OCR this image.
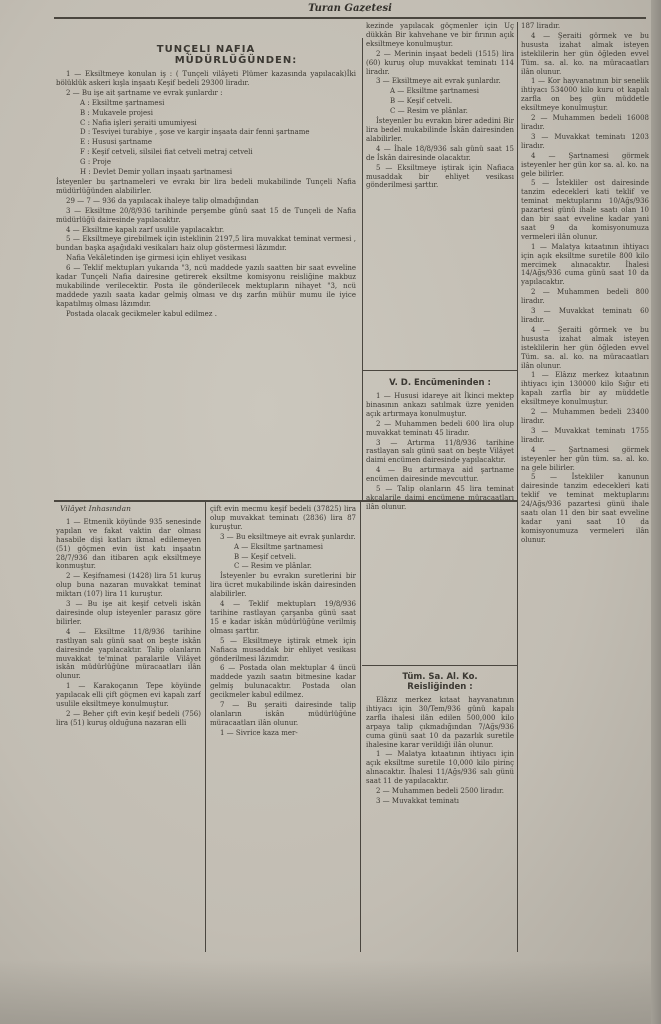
Turan Gazetesi
TUNÇELİ NAFIA
MÜDÜRLÜĞÜNDEN:

1 — Eksiltmeye konulan iş : ( Tunçeli vilâyeti Plümer kazasında yapılacak)İki bölüklük askeri kışla inşaatı Keşif bedeli 29300 liradır.

2 — Bu işe ait şartname ve evrak şunlardır :

A : Eksiltme şartnamesi

B : Mukavele projesi

C : Nafia işleri şeraiti umumiyesi

D : Tesviyei turabiye , şose ve kargir inşaata dair fenni şartname

E : Hususi şartname

F : Keşif cetveli, silsilei fiat cetveli metraj cetveli

G : Proje

H : Devlet Demir yolları inşaatı şartnamesi

İsteyenler bu şartnameleri ve evrakı bir lira bedeli mukabilinde Tunçeli Nafia müdürlüğünden alabilirler.

29 — 7 — 936 da yapılacak ihaleye talip olmadığından

3 — Eksiltme 20/8/936 tarihinde perşembe günü saat 15 de Tunçeli de Nafia müdürlüğü dairesinde yapılacaktır.

4 — Eksiltme kapalı zarf usulile yapılacaktır.

5 — Eksiltmeye girebilmek için isteklinin 2197,5 lira muvakkat teminat vermesi , bundan başka aşağıdaki vesikaları haiz olup göstermesi lâzımdır.

Nafia Vekâletinden işe girmesi için ehliyet vesikası

6 — Teklif mektupları yukarıda "3, ncü maddede yazılı saatten bir saat evveline kadar Tunçeli Nafia dairesine getirerek eksiltme komisyonu reisliğine makbuz mukabilinde verilecektir. Posta ile gönderilecek mektupların nihayet "3, ncü maddede yazılı saata kadar gelmiş olması ve dış zarfın mühür mumu ile iyice kapatılmış olması lâzımdır.

Postada olacak gecikmeler kabul edilmez .

kezinde yapılacak göçmenler için Üç dükkân Bir kahvehane ve bir fırının açık eksiltmeye konulmuştur.

2 — Merinin inşaat bedeli (1515) lira (60) kuruş olup muvakkat teminatı 114 liradır.

3 — Eksiltmeye ait evrak şunlardır.

A — Eksiltme şartnamesi

B — Keşif cetveli.

C — Resim ve plânlar.

İsteyenler bu evrakın birer adedini Bir lira bedel mukabilinde İskân dairesinden alabilirler.

4 — İhale 18/8/936 salı günü saat 15 de İskân dairesinde olacaktır.

5 — Eksiltmeye iştirak için Nafiaca musaddak bir ehliyet vesikası gönderilmesi şarttır.

V. D. Encümeninden :

1 — Hususi idareye ait İkinci mektep binasının ankazı satılmak üzre yeniden açık artırmaya konulmuştur.

2 — Muhammen bedeli 600 lira olup muvakkat teminatı 45 liradır.

3 — Artırma 11/8/936 tarihine rastlayan salı günü saat on beşte Vilâyet daimi encümen dairesinde yapılacaktır.

4 — Bu artırmaya aid şartname encümen dairesinde mevcuttur.

5 — Talip olanların 45 lira teminat akçalarile daimi encümene müracaatları ilân olunur.

Tüm. Sa. Al. Ko.
Reisliğinden :

Elâzız merkez kıtaat hayvanatının ihtiyacı için 30/Tem/936 günü kapalı zarfla ihalesi ilân edilen 500,000 kilo arpaya talip çıkmadığından 7/Ağs/936 cuma günü saat 10 da pazarlık suretile ihalesine karar verildiği ilân olunur.

1 — Malatya kıtaatının ihtiyacı için açık eksiltme suretile 10,000 kilo pirinç alınacaktır. İhalesi 11/Ağs/936 salı günü saat 11 de yapılacaktır.

2 — Muhammen bedeli 2500 liradır.

3 — Muvakkat teminatı

187 liradır.

4 — Şeraiti görmek ve bu hususta izahat almak isteyen isteklilerin her gün öğleden evvel Tüm. sa. al. ko. na müracaatları ilân olunur.

1 — Kor hayvanatının bir senelik ihtiyacı 534000 kilo kuru ot kapalı zarfla on beş gün müddetle eksiltmeye konulmuştur.

2 — Muhammen bedeli 16008 liradır.

3 — Muvakkat teminatı 1203 liradır.

4 — Şartnamesi görmek isteyenler her gün kor sa. al. ko. na gele bilirler.

5 — İstekliler ost dairesinde tanzim edecekleri kati teklif ve teminat mektuplarını 10/Ağs/936 pazartesi günü ihale saatı olan 10 dan bir saat evveline kadar yani saat 9 da komisyonumuza vermeleri ilân olunur.

1 — Malatya kıtaatının ihtiyacı için açık eksiltme suretile 800 kilo mercimek alınacaktır. İhalesi 14/Ağs/936 cuma günü saat 10 da yapılacaktır.

2 — Muhammen bedeli 800 liradır.

3 — Muvakkat teminatı 60 liradır.

4 — Şeraiti görmek ve bu hususta izahat almak isteyen isteklilerin her gün öğleden evvel Tüm. sa. al. ko. na müracaatları ilân olunur.

1 — Elâzız merkez kıtaatının ihtiyacı için 130000 kilo Sığır eti kapalı zarfla bir ay müddetle eksiltmeye konulmuştur.

2 — Muhammen bedeli 23400 liradır.

3 — Muvakkat teminatı 1755 liradır.

4 — Şartnamesi görmek isteyenler her gün tüm. sa. al. ko. na gele bilirler.

5 — İstekliler kanunun dairesinde tanzim edecekleri kati teklif ve teminat mektuplarını 24/Ağs/936 pazartesi günü ihale saatı olan 11 den bir saat evveline kadar yani saat 10 da komisyonumuza vermeleri ilân olunur.

Vilâyet İnhasından

1 — Etmenik köyünde 935 senesinde yapılan ve fakat vaktin dar olması hasabile dişi katları ikmal edilemeyen (51) göçmen evin üst katı inşaatın 28/7/936 dan itibaren açık eksiltmeye konmuştur.

2 — Keşifnamesi (1428) lira 51 kuruş olup buna nazaran muvakkat teminat miktarı (107) lira 11 kuruştur.

3 — Bu işe ait keşif cetveli iskân dairesinde olup isteyenler parasız göre bilirler.

4 — Eksiltme 11/8/936 tarihine rastlıyan salı günü saat on beşte iskân dairesinde yapılacaktır. Talip olanların muvakkat te'minat paralarile Vilâyet iskân müdürlüğüne müracaatları ilân olunur.

1 — Karakoçanın Tepe köyünde yapılacak elli çift göçmen evi kapalı zarf usulile eksiltmeye konulmuştur.

2 — Beher çift evin keşif bedeli (756) lira (51) kuruş olduğuna nazaran elli

çift evin mecmu keşif bedeli (37825) lira olup muvakkat teminatı (2836) lira 87 kuruştur.

3 — Bu eksiltmeye ait evrak şunlardır.

A — Eksiltme şartnamesi

B — Keşif cetveli.

C — Resim ve plânlar.

İsteyenler bu evrakın suretlerini bir lira ücret mukabilinde iskân dairesinden alabilirler.

4 — Teklif mektupları 19/8/936 tarihine rastlayan çarşanba günü saat 15 e kadar iskân müdürlüğüne verilmiş olması şarttır.

5 — Eksiltmeye iştirak etmek için Nafiaca musaddak bir ehliyet vesikası gönderilmesi lâzımdır.

6 — Postada olan mektuplar 4 üncü maddede yazılı saatın bitmesine kadar gelmiş bulunacaktır. Postada olan gecikmeler kabul edilmez.

7 — Bu şeraiti dairesinde talip olanların iskân müdürlüğüne müracaatları ilân olunur.

1 — Sivrice kaza mer-
